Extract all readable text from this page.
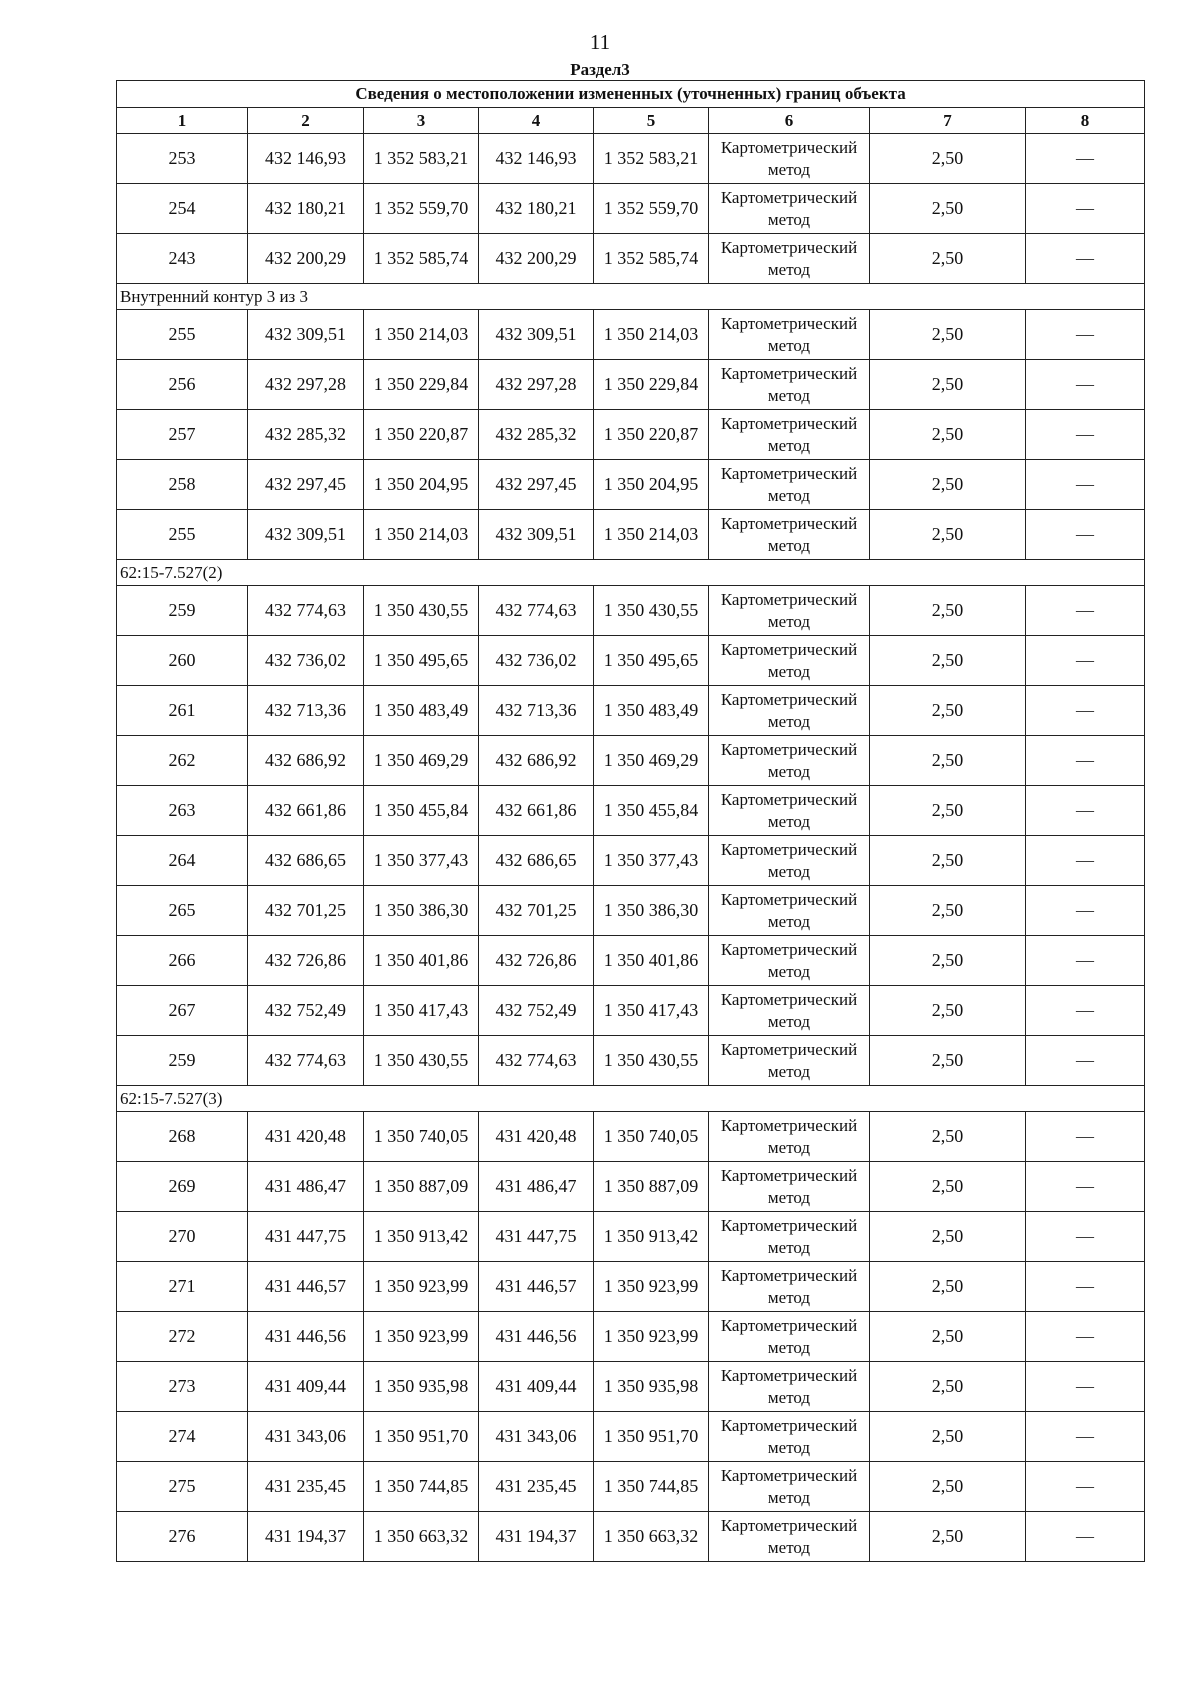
11
Раздел3
Сведения о местоположении измененных (уточненных) границ объекта							
1	2	3	4	5	6	7	8
253	432 146,93	1 352 583,21	432 146,93	1 352 583,21	Картометрический метод	2,50	—
254	432 180,21	1 352 559,70	432 180,21	1 352 559,70	Картометрический метод	2,50	—
243	432 200,29	1 352 585,74	432 200,29	1 352 585,74	Картометрический метод	2,50	—
Внутренний контур 3 из 3							
255	432 309,51	1 350 214,03	432 309,51	1 350 214,03	Картометрический метод	2,50	—
256	432 297,28	1 350 229,84	432 297,28	1 350 229,84	Картометрический метод	2,50	—
257	432 285,32	1 350 220,87	432 285,32	1 350 220,87	Картометрический метод	2,50	—
258	432 297,45	1 350 204,95	432 297,45	1 350 204,95	Картометрический метод	2,50	—
255	432 309,51	1 350 214,03	432 309,51	1 350 214,03	Картометрический метод	2,50	—
62:15-7.527(2)							
259	432 774,63	1 350 430,55	432 774,63	1 350 430,55	Картометрический метод	2,50	—
260	432 736,02	1 350 495,65	432 736,02	1 350 495,65	Картометрический метод	2,50	—
261	432 713,36	1 350 483,49	432 713,36	1 350 483,49	Картометрический метод	2,50	—
262	432 686,92	1 350 469,29	432 686,92	1 350 469,29	Картометрический метод	2,50	—
263	432 661,86	1 350 455,84	432 661,86	1 350 455,84	Картометрический метод	2,50	—
264	432 686,65	1 350 377,43	432 686,65	1 350 377,43	Картометрический метод	2,50	—
265	432 701,25	1 350 386,30	432 701,25	1 350 386,30	Картометрический метод	2,50	—
266	432 726,86	1 350 401,86	432 726,86	1 350 401,86	Картометрический метод	2,50	—
267	432 752,49	1 350 417,43	432 752,49	1 350 417,43	Картометрический метод	2,50	—
259	432 774,63	1 350 430,55	432 774,63	1 350 430,55	Картометрический метод	2,50	—
62:15-7.527(3)							
268	431 420,48	1 350 740,05	431 420,48	1 350 740,05	Картометрический метод	2,50	—
269	431 486,47	1 350 887,09	431 486,47	1 350 887,09	Картометрический метод	2,50	—
270	431 447,75	1 350 913,42	431 447,75	1 350 913,42	Картометрический метод	2,50	—
271	431 446,57	1 350 923,99	431 446,57	1 350 923,99	Картометрический метод	2,50	—
272	431 446,56	1 350 923,99	431 446,56	1 350 923,99	Картометрический метод	2,50	—
273	431 409,44	1 350 935,98	431 409,44	1 350 935,98	Картометрический метод	2,50	—
274	431 343,06	1 350 951,70	431 343,06	1 350 951,70	Картометрический метод	2,50	—
275	431 235,45	1 350 744,85	431 235,45	1 350 744,85	Картометрический метод	2,50	—
276	431 194,37	1 350 663,32	431 194,37	1 350 663,32	Картометрический метод	2,50	—
